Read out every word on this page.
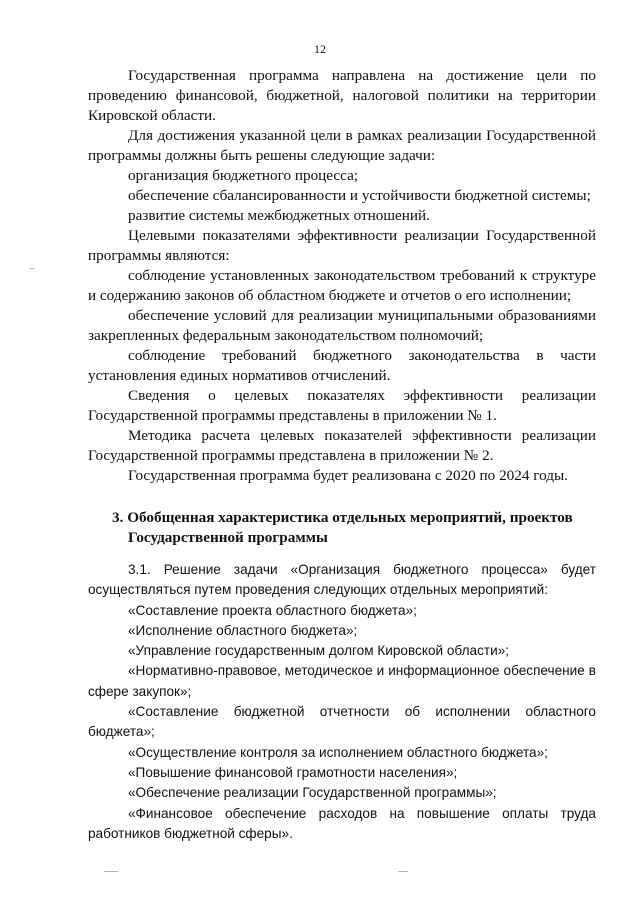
12

Государственная программа направлена на достижение цели по проведению финансовой, бюджетной, налоговой политики на территории Кировской области.

Для достижения указанной цели в рамках реализации Государственной программы должны быть решены следующие задачи:

организация бюджетного процесса;

обеспечение сбалансированности и устойчивости бюджетной системы;

развитие системы межбюджетных отношений.

Целевыми показателями эффективности реализации Государственной программы являются:

соблюдение установленных законодательством требований к структуре и содержанию законов об областном бюджете и отчетов о его исполнении;

обеспечение условий для реализации муниципальными образованиями закрепленных федеральным законодательством полномочий;

соблюдение требований бюджетного законодательства в части установления единых нормативов отчислений.

Сведения о целевых показателях эффективности реализации Государственной программы представлены в приложении № 1.

Методика расчета целевых показателей эффективности реализации Государственной программы представлена в приложении № 2.

Государственная программа будет реализована с 2020 по 2024 годы.

3. Обобщенная характеристика отдельных мероприятий, проектов Государственной программы

3.1. Решение задачи «Организация бюджетного процесса» будет осуществляться путем проведения следующих отдельных мероприятий:

«Составление проекта областного бюджета»;

«Исполнение областного бюджета»;

«Управление государственным долгом Кировской области»;

«Нормативно-правовое, методическое и информационное обеспечение в сфере закупок»;

«Составление бюджетной отчетности об исполнении областного бюджета»;

«Осуществление контроля за исполнением областного бюджета»;

«Повышение финансовой грамотности населения»;

«Обеспечение реализации Государственной программы»;

«Финансовое обеспечение расходов на повышение оплаты труда работников бюджетной сферы».
